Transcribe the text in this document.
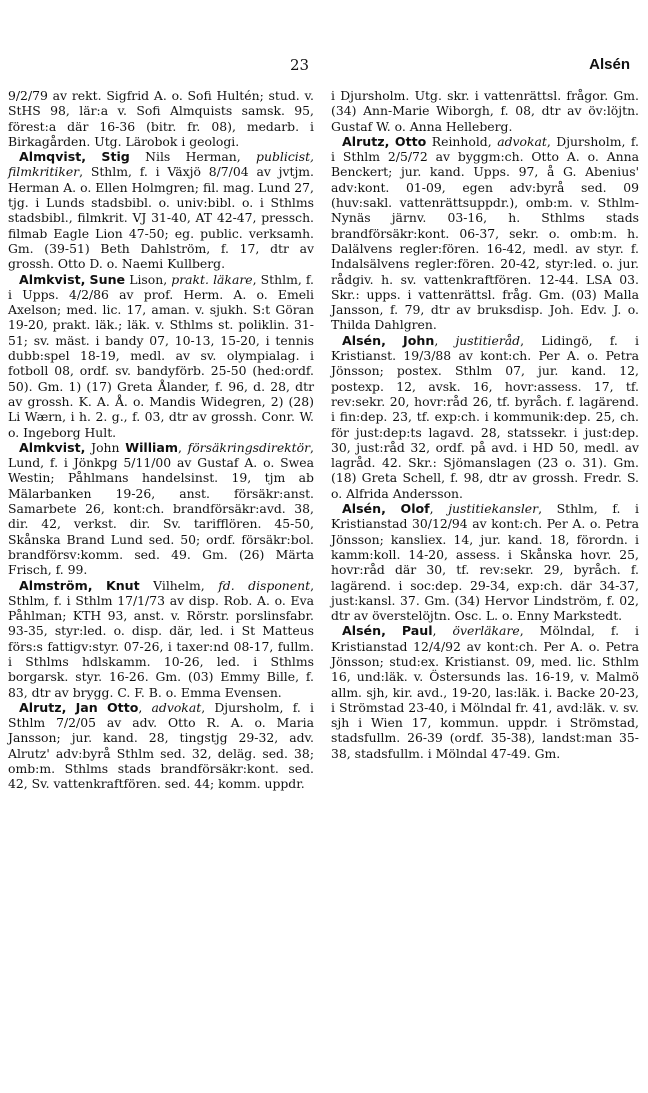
23	Alsén

9/2/79 av rekt. Sigfrid A. o. Sofi Hultén; stud. v. StHS 98, lär:a v. Sofi Almquists samsk. 95, förest:a där 16-36 (bitr. fr. 08), medarb. i Birkagården. Utg. Lärobok i geologi.

Almqvist, Stig Nils Herman, publicist, filmkritiker, Sthlm, f. i Växjö 8/7/04 av jvtjm. Herman A. o. Ellen Holmgren; fil. mag. Lund 27, tjg. i Lunds stadsbibl. o. univ:bibl. o. i Sthlms stadsbibl., filmkrit. VJ 31-40, AT 42-47, pressch. filmab Eagle Lion 47-50; eg. public. verksamh. Gm. (39-51) Beth Dahlström, f. 17, dtr av grossh. Otto D. o. Naemi Kullberg.

Almkvist, Sune Lison, prakt. läkare, Sthlm, f. i Upps. 4/2/86 av prof. Herm. A. o. Emeli Axelson; med. lic. 17, aman. v. sjukh. S:t Göran 19-20, prakt. läk.; läk. v. Sthlms st. poliklin. 31-51; sv. mäst. i bandy 07, 10-13, 15-20, i tennis dubb:spel 18-19, medl. av sv. olympialag. i fotboll 08, ordf. sv. bandyförb. 25-50 (hed:ordf. 50). Gm. 1) (17) Greta Ålander, f. 96, d. 28, dtr av grossh. K. A. Å. o. Mandis Widegren, 2) (28) Li Wærn, i h. 2. g., f. 03, dtr av grossh. Conr. W. o. Ingeborg Hult.

Almkvist, John William, försäkringsdirektör, Lund, f. i Jönkpg 5/11/00 av Gustaf A. o. Swea Westin; Påhlmans handelsinst. 19, tjm ab Mälarbanken 19-26, anst. försäkr:anst. Samarbete 26, kont:ch. brandförsäkr:avd. 38, dir. 42, verkst. dir. Sv. tarifflören. 45-50, Skånska Brand Lund sed. 50; ordf. försäkr:bol. brandförsv:komm. sed. 49. Gm. (26) Märta Frisch, f. 99.

Almström, Knut Vilhelm, fd. disponent, Sthlm, f. i Sthlm 17/1/73 av disp. Rob. A. o. Eva Påhlman; KTH 93, anst. v. Rörstr. porslinsfabr. 93-35, styr:led. o. disp. där, led. i St Matteus förs:s fattigv:styr. 07-26, i taxer:nd 08-17, fullm. i Sthlms hdlskamm. 10-26, led. i Sthlms borgarsk. styr. 16-26. Gm. (03) Emmy Bille, f. 83, dtr av brygg. C. F. B. o. Emma Evensen.

Alrutz, Jan Otto, advokat, Djursholm, f. i Sthlm 7/2/05 av adv. Otto R. A. o. Maria Jansson; jur. kand. 28, tingstjg 29-32, adv. Alrutz' adv:byrå Sthlm sed. 32, deläg. sed. 38; omb:m. Sthlms stads brandförsäkr:kont. sed. 42, Sv. vattenkraftfören. sed. 44; komm. uppdr.

i Djursholm. Utg. skr. i vattenrättsl. frågor. Gm. (34) Ann-Marie Wiborgh, f. 08, dtr av öv:löjtn. Gustaf W. o. Anna Helleberg.

Alrutz, Otto Reinhold, advokat, Djursholm, f. i Sthlm 2/5/72 av byggm:ch. Otto A. o. Anna Benckert; jur. kand. Upps. 97, å G. Abenius' adv:kont. 01-09, egen adv:byrå sed. 09 (huv:sakl. vattenrättsuppdr.), omb:m. v. Sthlm-Nynäs järnv. 03-16, h. Sthlms stads brandförsäkr:kont. 06-37, sekr. o. omb:m. h. Dalälvens regler:fören. 16-42, medl. av styr. f. Indalsälvens regler:fören. 20-42, styr:led. o. jur. rådgiv. h. sv. vattenkraftfören. 12-44. LSA 03. Skr.: upps. i vattenrättsl. fråg. Gm. (03) Malla Jansson, f. 79, dtr av bruksdisp. Joh. Edv. J. o. Thilda Dahlgren.

Alsén, John, justitieråd, Lidingö, f. i Kristianst. 19/3/88 av kont:ch. Per A. o. Petra Jönsson; postex. Sthlm 07, jur. kand. 12, postexp. 12, avsk. 16, hovr:assess. 17, tf. rev:sekr. 20, hovr:råd 26, tf. byråch. f. lagärend. i fin:dep. 23, tf. exp:ch. i kommunik:dep. 25, ch. för just:dep:ts lagavd. 28, statssekr. i just:dep. 30, just:råd 32, ordf. på avd. i HD 50, medl. av lagråd. 42. Skr.: Sjömanslagen (23 o. 31). Gm. (18) Greta Schell, f. 98, dtr av grossh. Fredr. S. o. Alfrida Andersson.

Alsén, Olof, justitiekansler, Sthlm, f. i Kristianstad 30/12/94 av kont:ch. Per A. o. Petra Jönsson; kansliex. 14, jur. kand. 18, förordn. i kamm:koll. 14-20, assess. i Skånska hovr. 25, hovr:råd där 30, tf. rev:sekr. 29, byråch. f. lagärend. i soc:dep. 29-34, exp:ch. där 34-37, just:kansl. 37. Gm. (34) Hervor Lindström, f. 02, dtr av överstelöjtn. Osc. L. o. Enny Markstedt.

Alsén, Paul, överläkare, Mölndal, f. i Kristianstad 12/4/92 av kont:ch. Per A. o. Petra Jönsson; stud:ex. Kristianst. 09, med. lic. Sthlm 16, und:läk. v. Östersunds las. 16-19, v. Malmö allm. sjh, kir. avd., 19-20, las:läk. i. Backe 20-23, i Strömstad 23-40, i Mölndal fr. 41, avd:läk. v. sv. sjh i Wien 17, kommun. uppdr. i Strömstad, stadsfullm. 26-39 (ordf. 35-38), landst:man 35-38, stadsfullm. i Mölndal 47-49. Gm.
